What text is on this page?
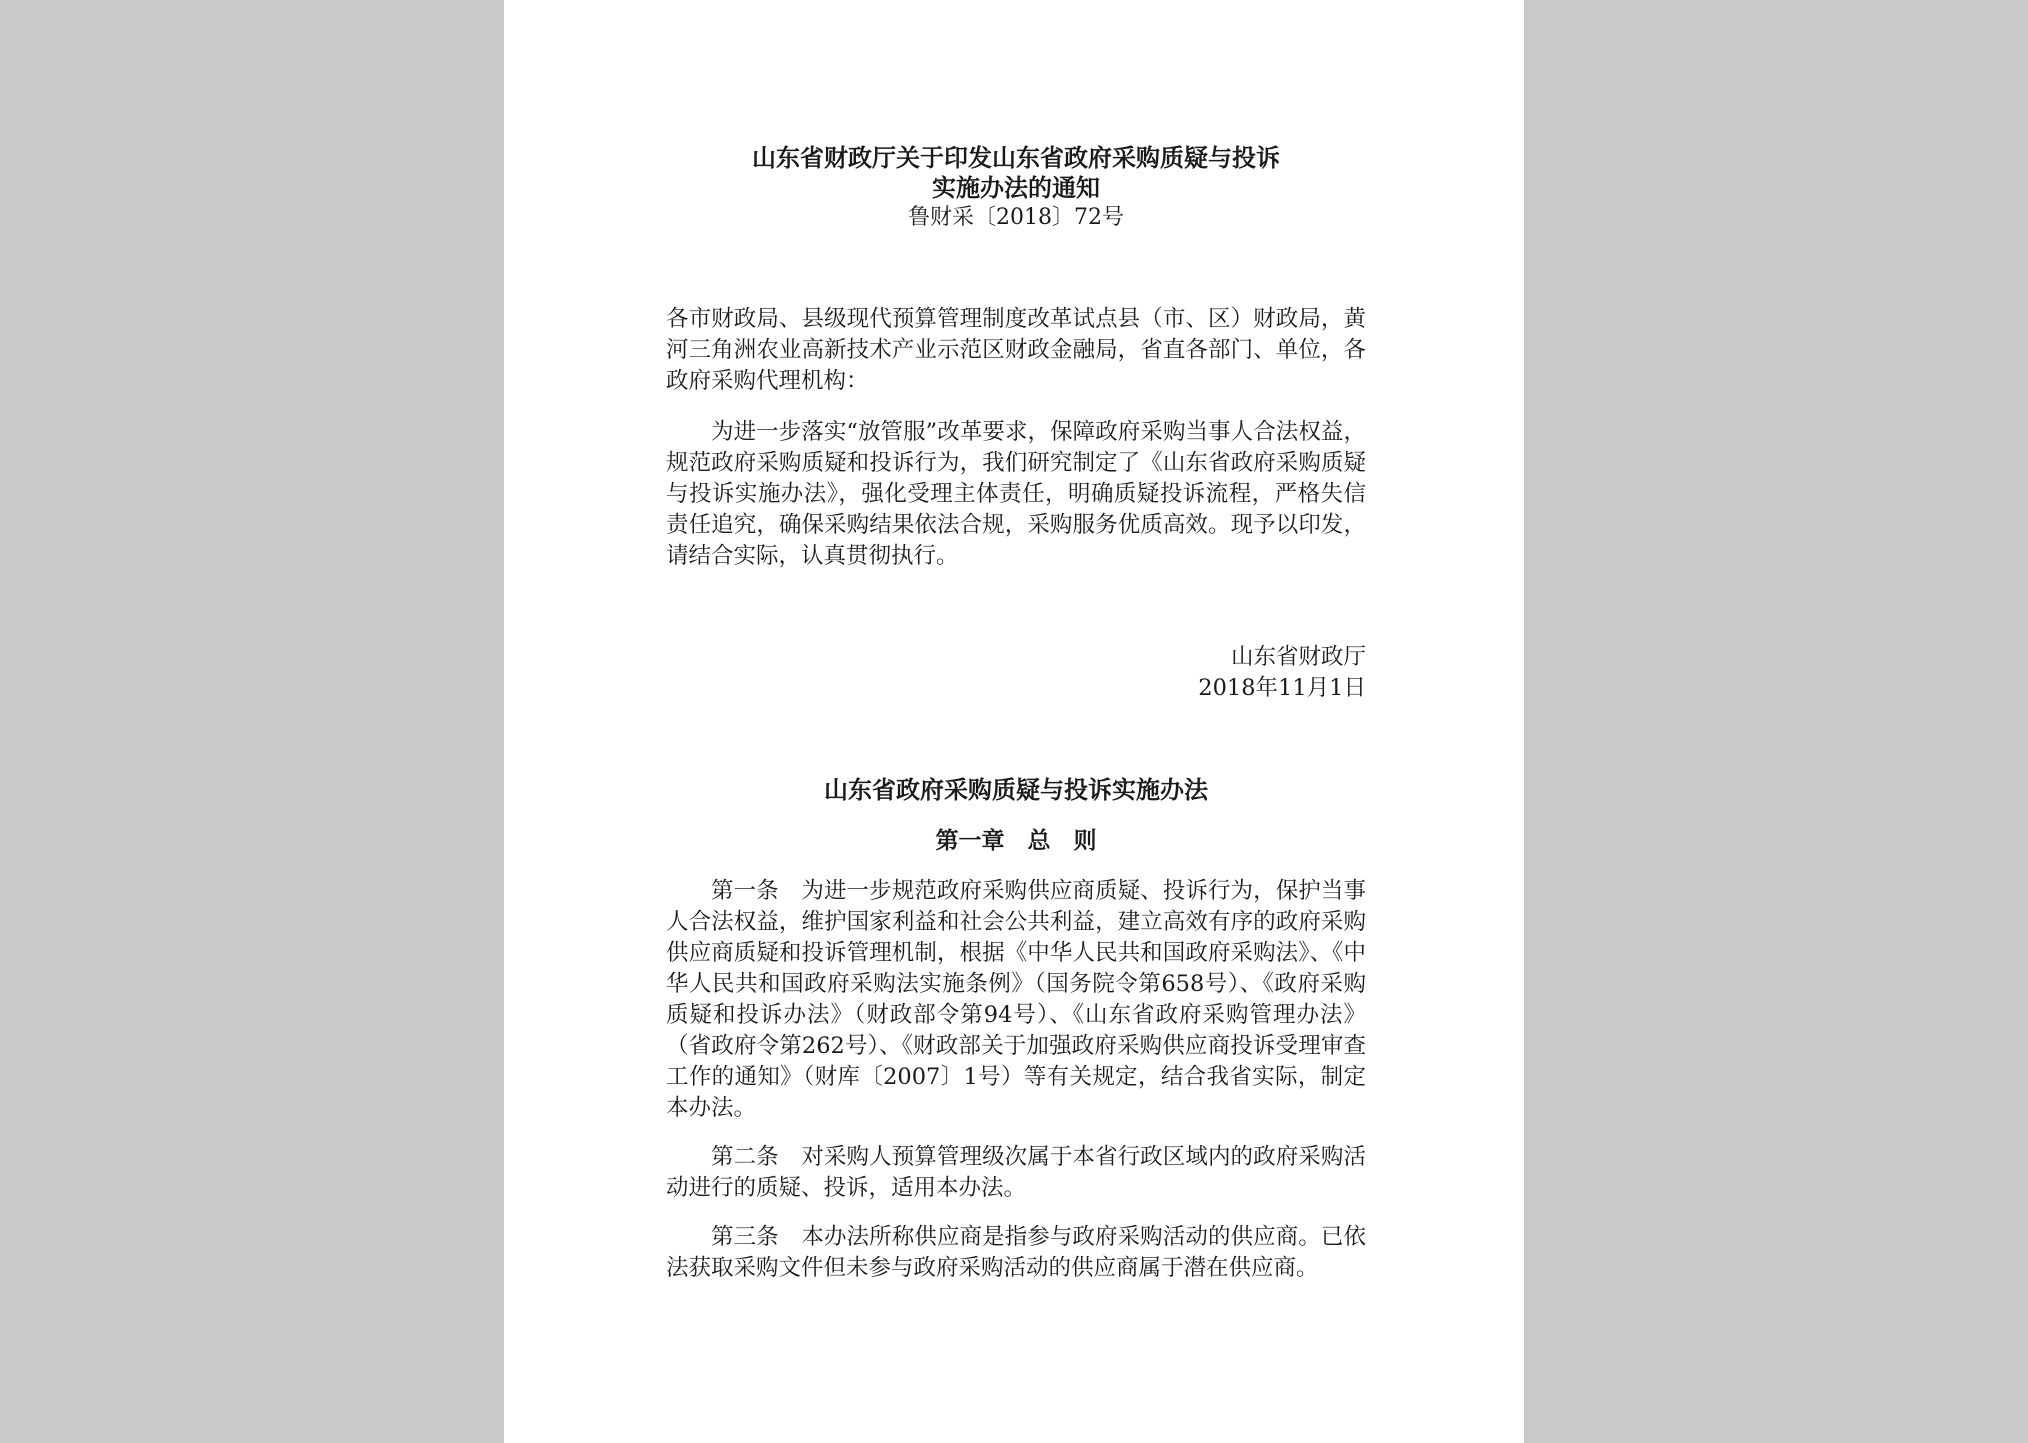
山东省财政厅关于印发山东省政府采购质疑与投诉
实施办法的通知
鲁财采〔2018〕72号

各市财政局、县级现代预算管理制度改革试点县（市、区）财政局，黄河三角洲农业高新技术产业示范区财政金融局，省直各部门、单位，各政府采购代理机构：

为进一步落实“放管服”改革要求，保障政府采购当事人合法权益，规范政府采购质疑和投诉行为，我们研究制定了《山东省政府采购质疑与投诉实施办法》，强化受理主体责任，明确质疑投诉流程，严格失信责任追究，确保采购结果依法合规，采购服务优质高效。现予以印发，请结合实际，认真贯彻执行。

山东省财政厅
2018年11月1日
山东省政府采购质疑与投诉实施办法
第一章　总　则

第一条　为进一步规范政府采购供应商质疑、投诉行为，保护当事人合法权益，维护国家利益和社会公共利益，建立高效有序的政府采购供应商质疑和投诉管理机制，根据《中华人民共和国政府采购法》、《中华人民共和国政府采购法实施条例》（国务院令第658号）、《政府采购质疑和投诉办法》（财政部令第94号）、《山东省政府采购管理办法》（省政府令第262号）、《财政部关于加强政府采购供应商投诉受理审查工作的通知》（财库〔2007〕1号）等有关规定，结合我省实际，制定本办法。

第二条　对采购人预算管理级次属于本省行政区域内的政府采购活动进行的质疑、投诉，适用本办法。

第三条　本办法所称供应商是指参与政府采购活动的供应商。已依法获取采购文件但未参与政府采购活动的供应商属于潜在供应商。
